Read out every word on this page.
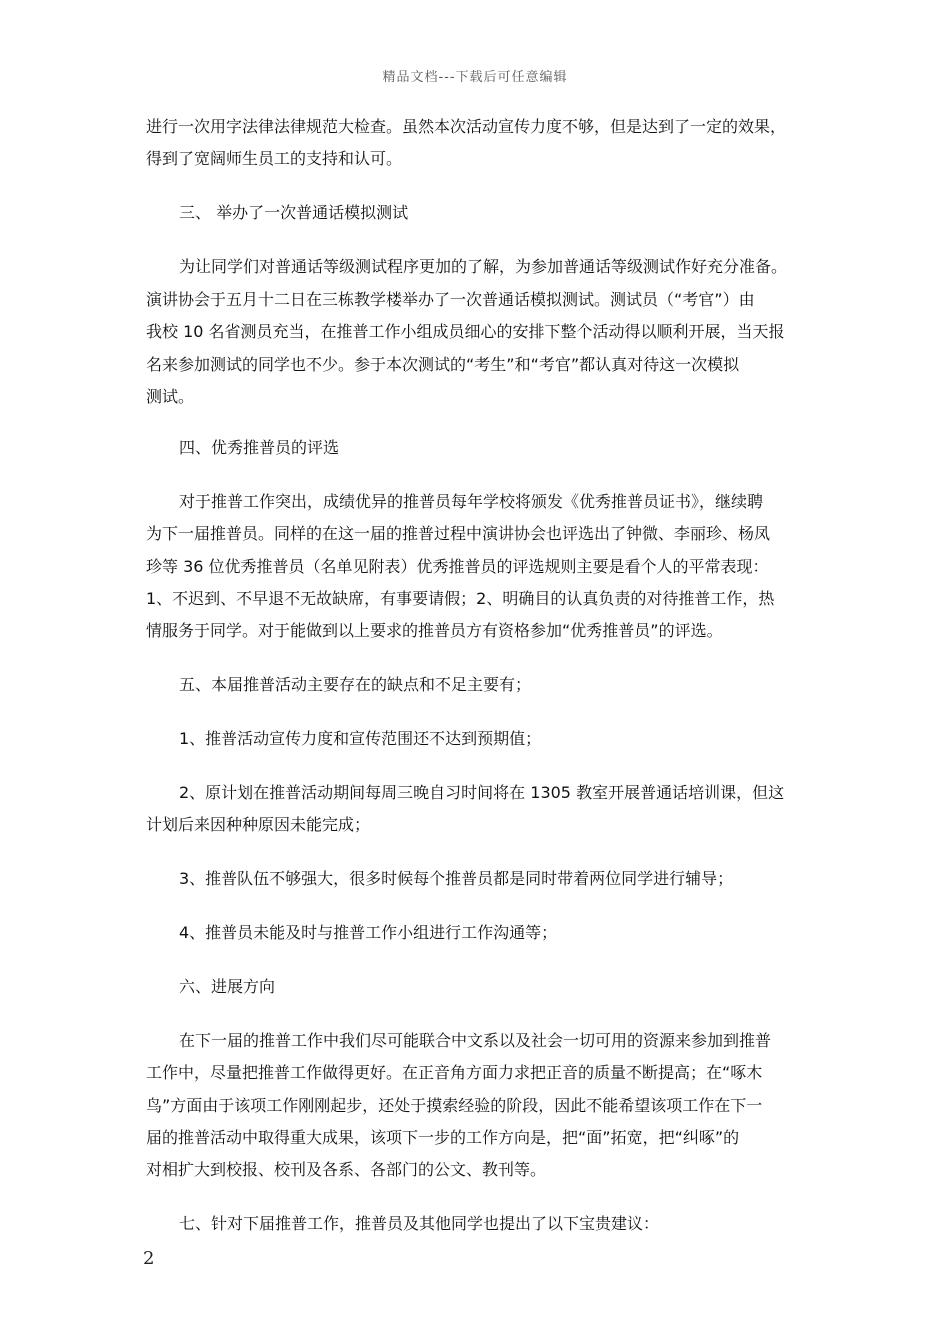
精品文档---下载后可任意编辑
进行一次用字法律法律规范大检查。虽然本次活动宣传力度不够，但是达到了一定的效果，
得到了宽阔师生员工的支持和认可。
三、 举办了一次普通话模拟测试
为让同学们对普通话等级测试程序更加的了解，为参加普通话等级测试作好充分准备。
演讲协会于五月十二日在三栋教学楼举办了一次普通话模拟测试。测试员（“考官”）由
我校 10 名省测员充当，在推普工作小组成员细心的安排下整个活动得以顺利开展，当天报
名来参加测试的同学也不少。参于本次测试的“考生”和“考官”都认真对待这一次模拟
测试。
四、优秀推普员的评选
对于推普工作突出，成绩优异的推普员每年学校将颁发《优秀推普员证书》，继续聘
为下一届推普员。同样的在这一届的推普过程中演讲协会也评选出了钟微、李丽珍、杨凤
珍等 36 位优秀推普员（名单见附表）优秀推普员的评选规则主要是看个人的平常表现：
1、不迟到、不早退不无故缺席，有事要请假；2、明确目的认真负责的对待推普工作，热
情服务于同学。对于能做到以上要求的推普员方有资格参加“优秀推普员”的评选。
五、本届推普活动主要存在的缺点和不足主要有；
1、推普活动宣传力度和宣传范围还不达到预期值；
2、原计划在推普活动期间每周三晚自习时间将在 1305 教室开展普通话培训课，但这
计划后来因种种原因未能完成；
3、推普队伍不够强大，很多时候每个推普员都是同时带着两位同学进行辅导；
4、推普员未能及时与推普工作小组进行工作沟通等；
六、进展方向
在下一届的推普工作中我们尽可能联合中文系以及社会一切可用的资源来参加到推普
工作中，尽量把推普工作做得更好。在正音角方面力求把正音的质量不断提高；在“啄木
鸟”方面由于该项工作刚刚起步，还处于摸索经验的阶段，因此不能希望该项工作在下一
届的推普活动中取得重大成果，该项下一步的工作方向是，把“面”拓宽，把“纠啄”的
对相扩大到校报、校刊及各系、各部门的公文、教刊等。
七、针对下届推普工作，推普员及其他同学也提出了以下宝贵建议：
2
